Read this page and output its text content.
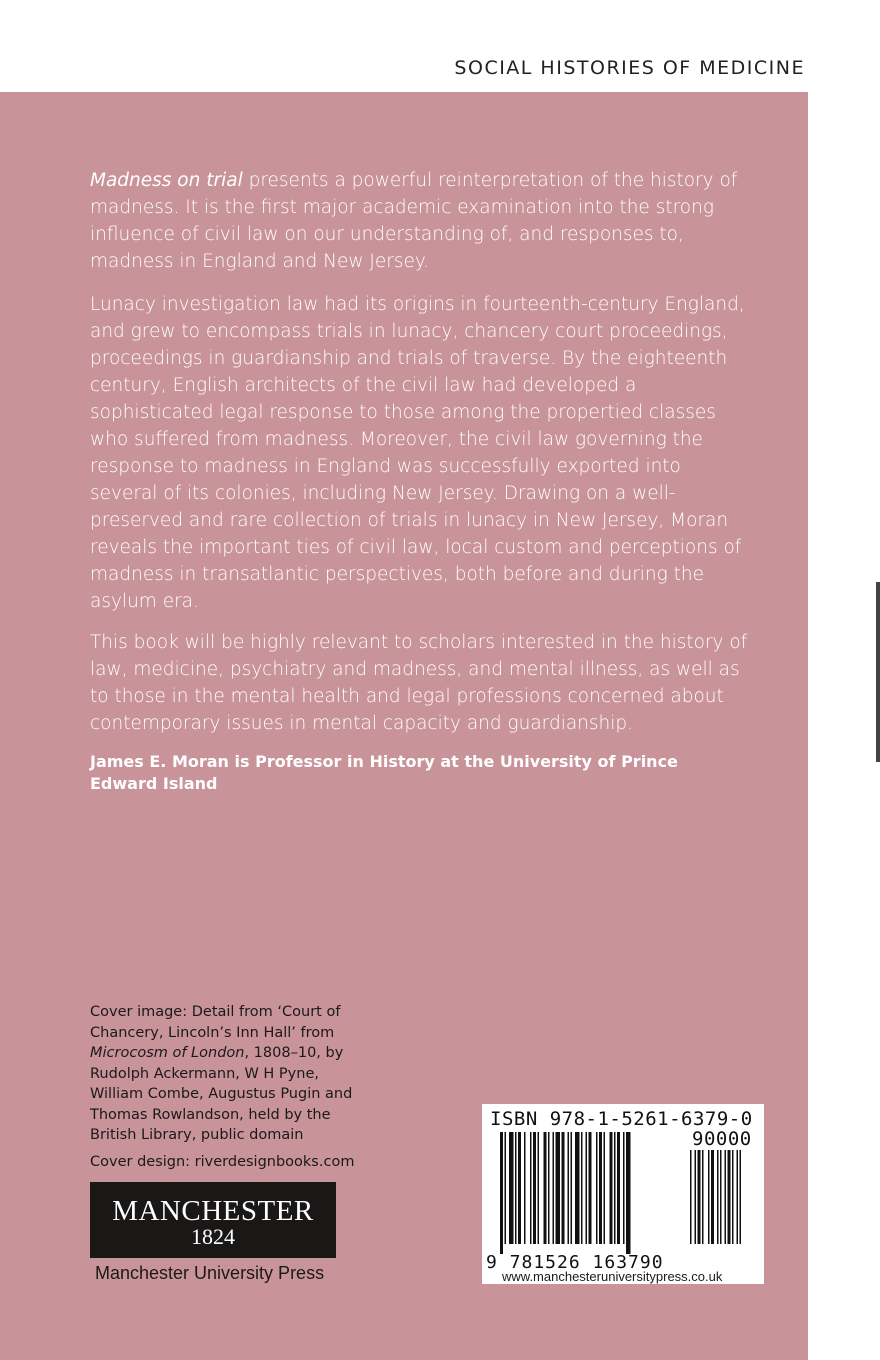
SOCIAL HISTORIES OF MEDICINE

Madness on trial presents a powerful reinterpretation of the history of madness. It is the first major academic examination into the strong influence of civil law on our understanding of, and responses to, madness in England and New Jersey.

Lunacy investigation law had its origins in fourteenth-century England, and grew to encompass trials in lunacy, chancery court proceedings, proceedings in guardianship and trials of traverse. By the eighteenth century, English architects of the civil law had developed a sophisticated legal response to those among the propertied classes who suffered from madness. Moreover, the civil law governing the response to madness in England was successfully exported into several of its colonies, including New Jersey. Drawing on a well-preserved and rare collection of trials in lunacy in New Jersey, Moran reveals the important ties of civil law, local custom and perceptions of madness in transatlantic perspectives, both before and during the asylum era.

This book will be highly relevant to scholars interested in the history of law, medicine, psychiatry and madness, and mental illness, as well as to those in the mental health and legal professions concerned about contemporary issues in mental capacity and guardianship.

James E. Moran is Professor in History at the University of Prince Edward Island
Cover image: Detail from ‘Court of Chancery, Lincoln’s Inn Hall’ from Microcosm of London, 1808–10, by Rudolph Ackermann, W H Pyne, William Combe, Augustus Pugin and Thomas Rowlandson, held by the British Library, public domain
Cover design: riverdesignbooks.com
MANCHESTER
1824
Manchester University Press
ISBN 978-1-5261-6379-0
90000
9 781526 163790
www.manchesteruniversitypress.co.uk
